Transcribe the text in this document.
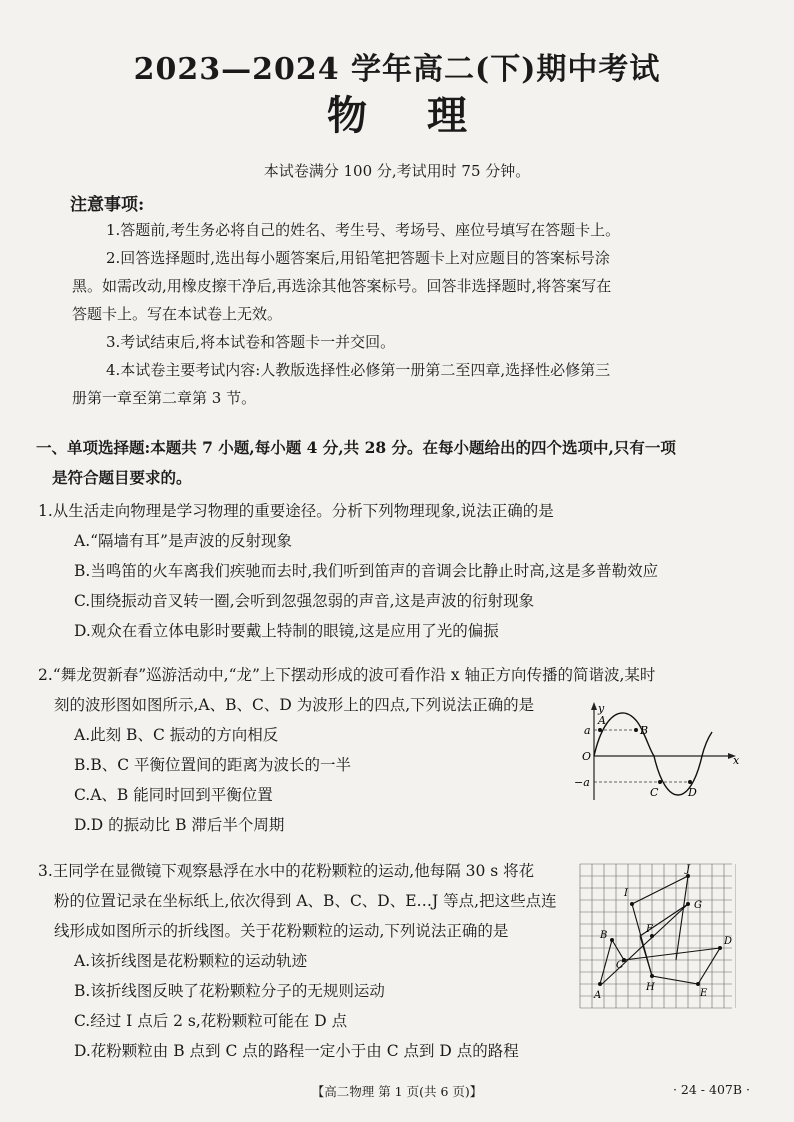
2023—2024 学年高二(下)期中考试
物理
本试卷满分 100 分,考试用时 75 分钟。
注意事项:

1.答题前,考生务必将自己的姓名、考生号、考场号、座位号填写在答题卡上。

2.回答选择题时,选出每小题答案后,用铅笔把答题卡上对应题目的答案标号涂

黑。如需改动,用橡皮擦干净后,再选涂其他答案标号。回答非选择题时,将答案写在

答题卡上。写在本试卷上无效。

3.考试结束后,将本试卷和答题卡一并交回。

4.本试卷主要考试内容:人教版选择性必修第一册第二至四章,选择性必修第三

册第一章至第二章第 3 节。

一、单项选择题:本题共 7 小题,每小题 4 分,共 28 分。在每小题给出的四个选项中,只有一项
是符合题目要求的。
1.从生活走向物理是学习物理的重要途径。分析下列物理现象,说法正确的是
A.“隔墙有耳”是声波的反射现象
B.当鸣笛的火车离我们疾驰而去时,我们听到笛声的音调会比静止时高,这是多普勒效应
C.围绕振动音叉转一圈,会听到忽强忽弱的声音,这是声波的衍射现象
D.观众在看立体电影时要戴上特制的眼镜,这是应用了光的偏振
2.“舞龙贺新春”巡游活动中,“龙”上下摆动形成的波可看作沿 x 轴正方向传播的简谐波,某时
刻的波形图如图所示,A、B、C、D 为波形上的四点,下列说法正确的是
A.此刻 B、C 振动的方向相反
B.B、C 平衡位置间的距离为波长的一半
C.A、B 能同时回到平衡位置
D.D 的振动比 B 滞后半个周期
y
x
O
a
−a
A
B
C	D
3.王同学在显微镜下观察悬浮在水中的花粉颗粒的运动,他每隔 30 s 将花
粉的位置记录在坐标纸上,依次得到 A、B、C、D、E…J 等点,把这些点连
线形成如图所示的折线图。关于花粉颗粒的运动,下列说法正确的是
A.该折线图是花粉颗粒的运动轨迹
B.该折线图反映了花粉颗粒分子的无规则运动
C.经过 I 点后 2 s,花粉颗粒可能在 D 点
D.花粉颗粒由 B 点到 C 点的路程一定小于由 C 点到 D 点的路程
A
B
C
D
E
F
G
H
I
J
【高二物理 第 1 页(共 6 页)】	· 24 - 407B ·
